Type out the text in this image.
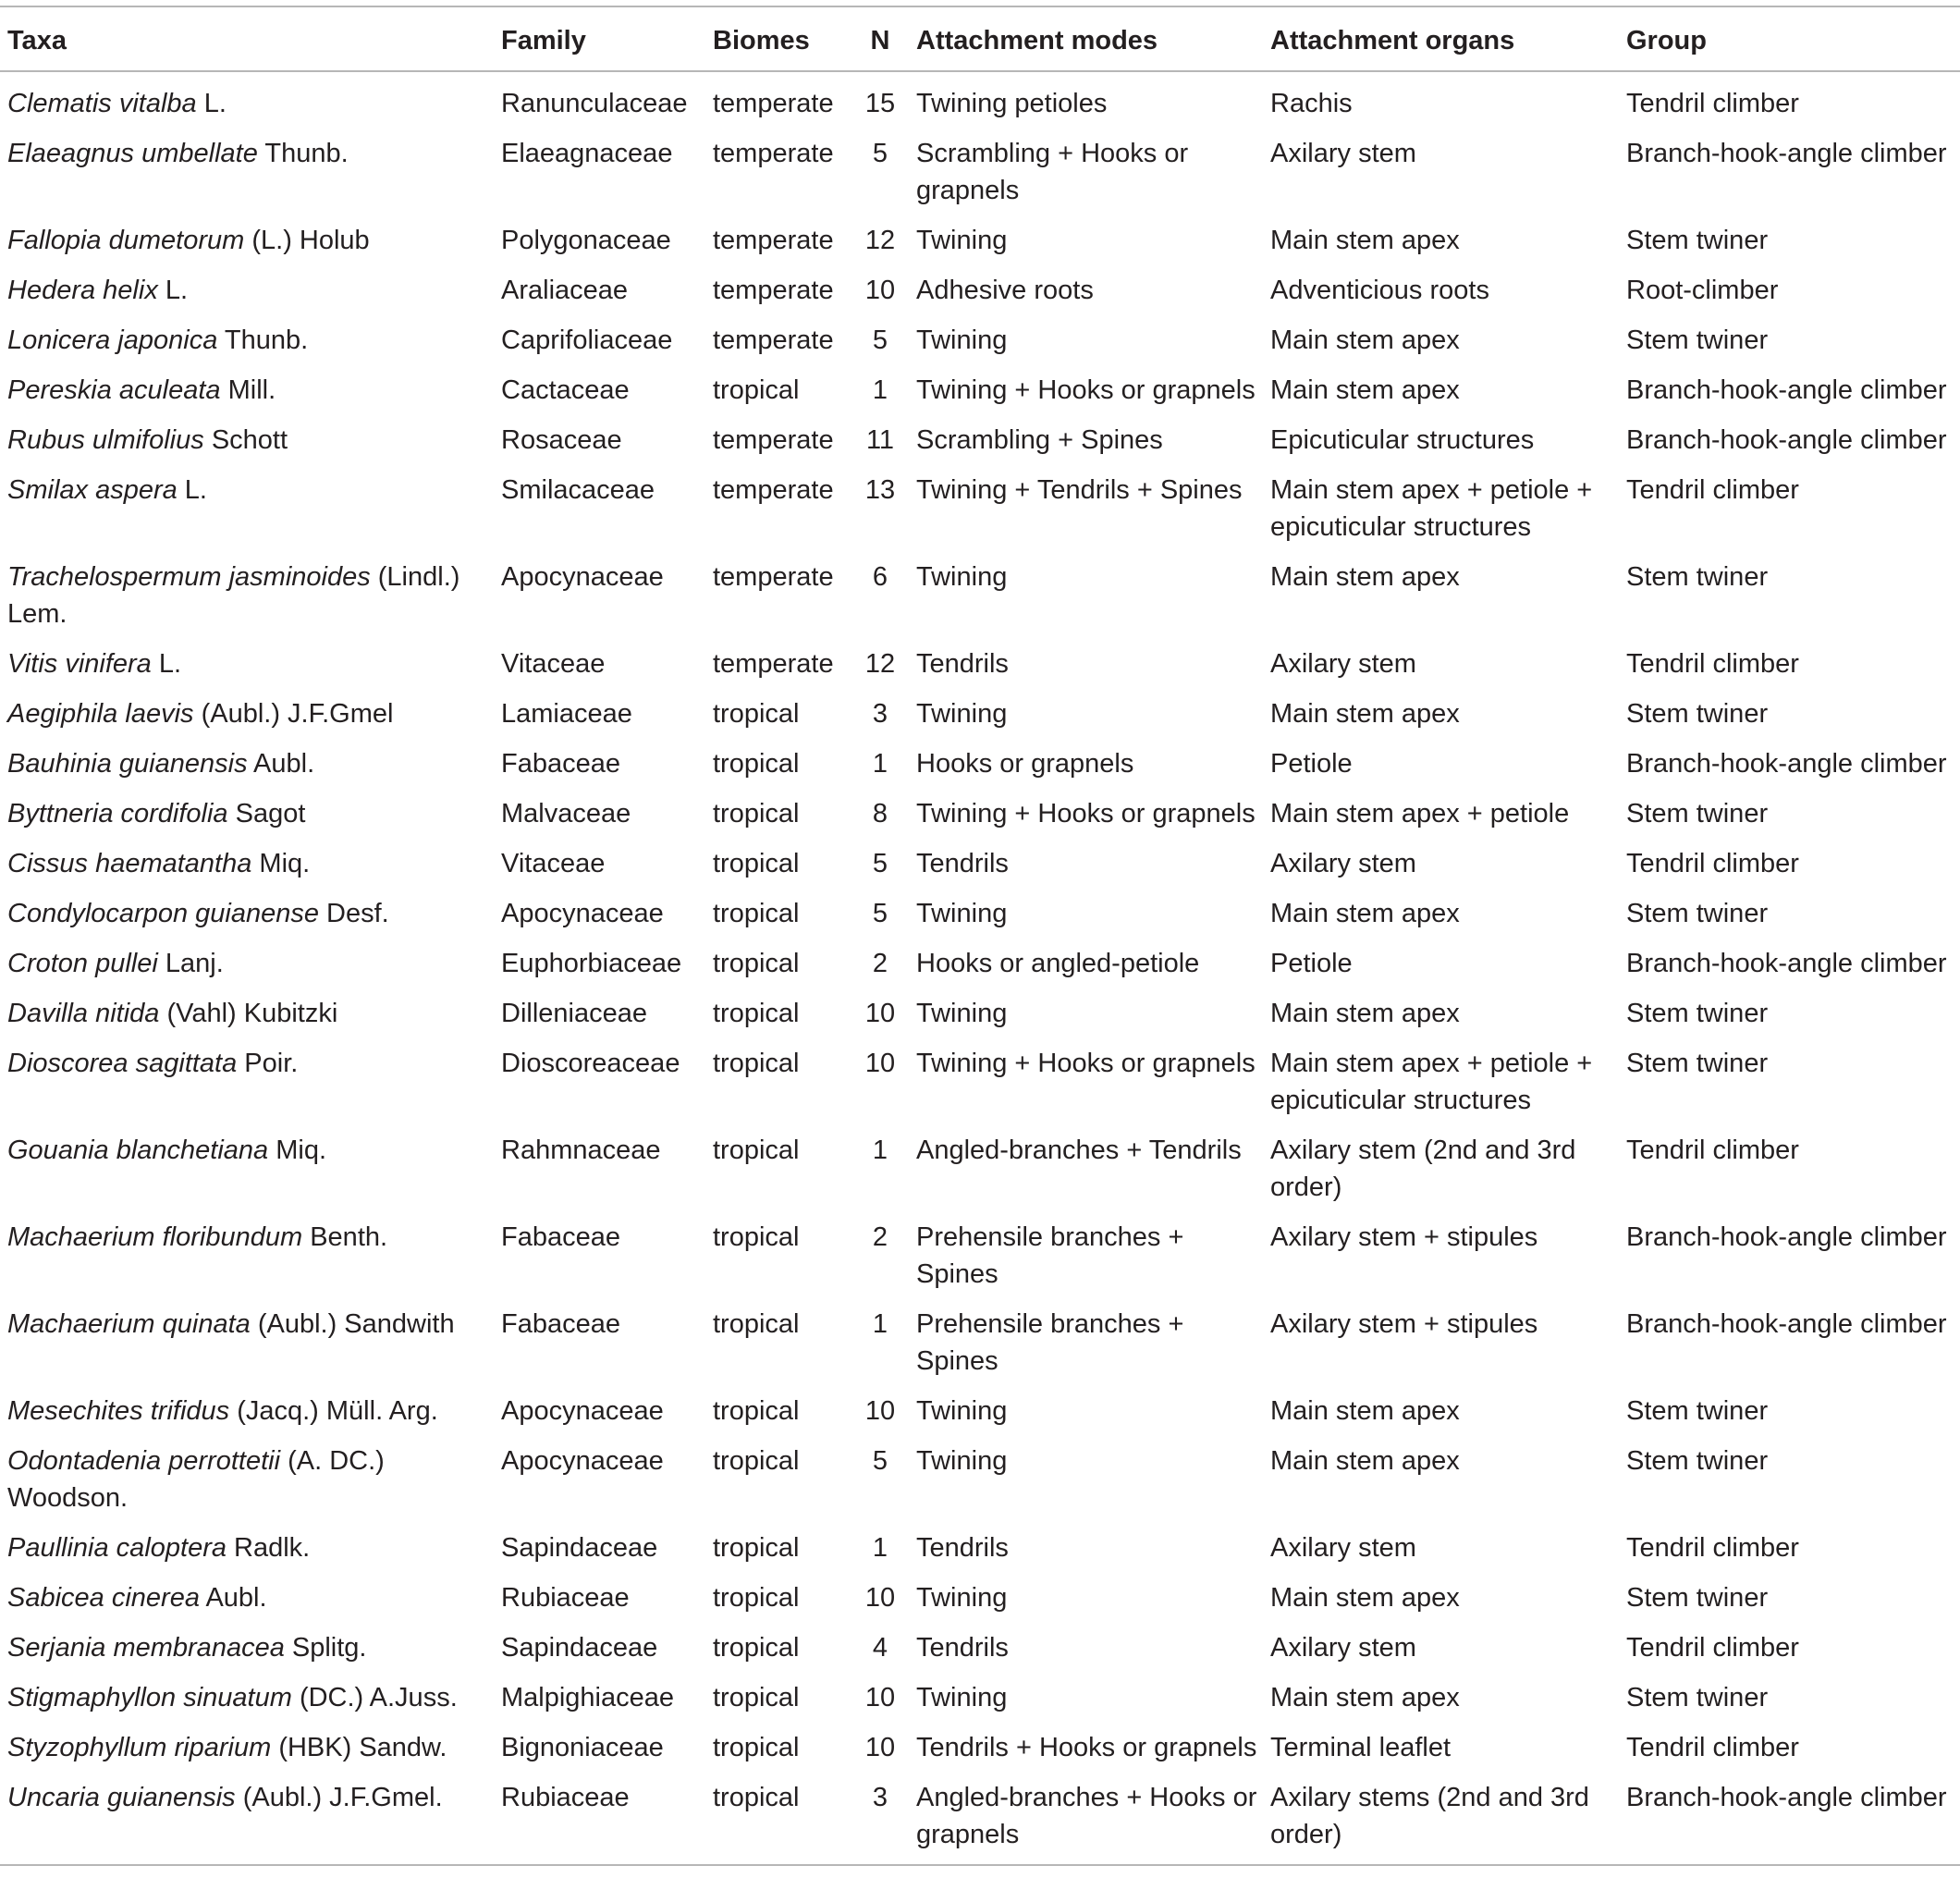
Taxa	Family	Biomes	N	Attachment modes	Attachment organs	Group
Clematis vitalba L.	Ranunculaceae	temperate	15	Twining petioles	Rachis	Tendril climber
Elaeagnus umbellate Thunb.	Elaeagnaceae	temperate	5	Scrambling + Hooks or grapnels	Axilary stem	Branch-hook-angle climber
Fallopia dumetorum (L.) Holub	Polygonaceae	temperate	12	Twining	Main stem apex	Stem twiner
Hedera helix L.	Araliaceae	temperate	10	Adhesive roots	Adventicious roots	Root-climber
Lonicera japonica Thunb.	Caprifoliaceae	temperate	5	Twining	Main stem apex	Stem twiner
Pereskia aculeata Mill.	Cactaceae	tropical	1	Twining + Hooks or grapnels	Main stem apex	Branch-hook-angle climber
Rubus ulmifolius Schott	Rosaceae	temperate	11	Scrambling + Spines	Epicuticular structures	Branch-hook-angle climber
Smilax aspera L.	Smilacaceae	temperate	13	Twining + Tendrils + Spines	Main stem apex + petiole + epicuticular structures	Tendril climber
Trachelospermum jasminoides (Lindl.) Lem.	Apocynaceae	temperate	6	Twining	Main stem apex	Stem twiner
Vitis vinifera L.	Vitaceae	temperate	12	Tendrils	Axilary stem	Tendril climber
Aegiphila laevis (Aubl.) J.F.Gmel	Lamiaceae	tropical	3	Twining	Main stem apex	Stem twiner
Bauhinia guianensis Aubl.	Fabaceae	tropical	1	Hooks or grapnels	Petiole	Branch-hook-angle climber
Byttneria cordifolia Sagot	Malvaceae	tropical	8	Twining + Hooks or grapnels	Main stem apex + petiole	Stem twiner
Cissus haematantha Miq.	Vitaceae	tropical	5	Tendrils	Axilary stem	Tendril climber
Condylocarpon guianense Desf.	Apocynaceae	tropical	5	Twining	Main stem apex	Stem twiner
Croton pullei Lanj.	Euphorbiaceae	tropical	2	Hooks or angled-petiole	Petiole	Branch-hook-angle climber
Davilla nitida (Vahl) Kubitzki	Dilleniaceae	tropical	10	Twining	Main stem apex	Stem twiner
Dioscorea sagittata Poir.	Dioscoreaceae	tropical	10	Twining + Hooks or grapnels	Main stem apex + petiole + epicuticular structures	Stem twiner
Gouania blanchetiana Miq.	Rahmnaceae	tropical	1	Angled-branches + Tendrils	Axilary stem (2nd and 3rd order)	Tendril climber
Machaerium floribundum Benth.	Fabaceae	tropical	2	Prehensile branches + Spines	Axilary stem + stipules	Branch-hook-angle climber
Machaerium quinata (Aubl.) Sandwith	Fabaceae	tropical	1	Prehensile branches + Spines	Axilary stem + stipules	Branch-hook-angle climber
Mesechites trifidus (Jacq.) Müll. Arg.	Apocynaceae	tropical	10	Twining	Main stem apex	Stem twiner
Odontadenia perrottetii (A. DC.) Woodson.	Apocynaceae	tropical	5	Twining	Main stem apex	Stem twiner
Paullinia caloptera Radlk.	Sapindaceae	tropical	1	Tendrils	Axilary stem	Tendril climber
Sabicea cinerea Aubl.	Rubiaceae	tropical	10	Twining	Main stem apex	Stem twiner
Serjania membranacea Splitg.	Sapindaceae	tropical	4	Tendrils	Axilary stem	Tendril climber
Stigmaphyllon sinuatum (DC.) A.Juss.	Malpighiaceae	tropical	10	Twining	Main stem apex	Stem twiner
Styzophyllum riparium (HBK) Sandw.	Bignoniaceae	tropical	10	Tendrils + Hooks or grapnels	Terminal leaflet	Tendril climber
Uncaria guianensis (Aubl.) J.F.Gmel.	Rubiaceae	tropical	3	Angled-branches + Hooks or grapnels	Axilary stems (2nd and 3rd order)	Branch-hook-angle climber
